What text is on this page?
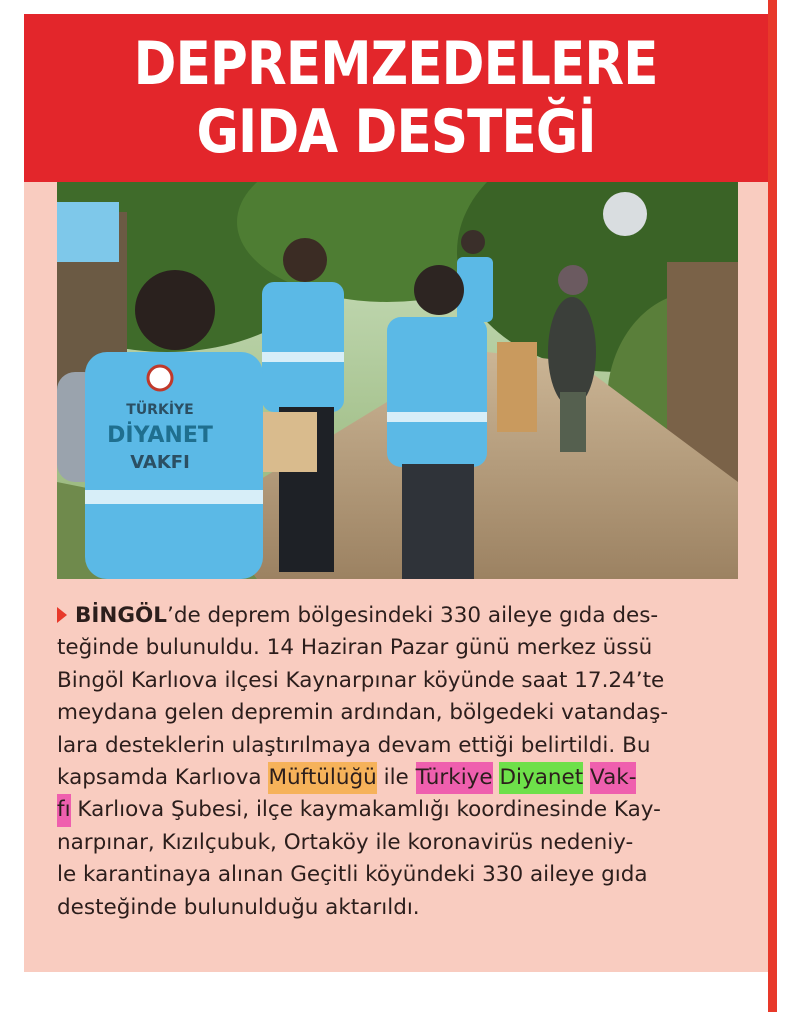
DEPREMZEDELERE
GIDA DESTEĞİ
TÜRKİYE
DİYANET
VAKFI
BİNGÖL’de deprem bölgesindeki 330 aileye gıda des-
teğinde bulunuldu. 14 Haziran Pazar günü merkez üssü
Bingöl Karlıova ilçesi Kaynarpınar köyünde saat 17.24’te
meydana gelen depremin ardından, bölgedeki vatandaş-
lara desteklerin ulaştırılmaya devam ettiği belirtildi. Bu
kapsamda Karlıova Müftülüğü ile Türkiye
Diyanet
Vak-
fı Karlıova Şubesi, ilçe kaymakamlığı koordinesinde Kay-
narpınar, Kızılçubuk, Ortaköy ile koronavirüs nedeniy-
le karantinaya alınan Geçitli köyündeki 330 aileye gıda
desteğinde bulunulduğu aktarıldı.
